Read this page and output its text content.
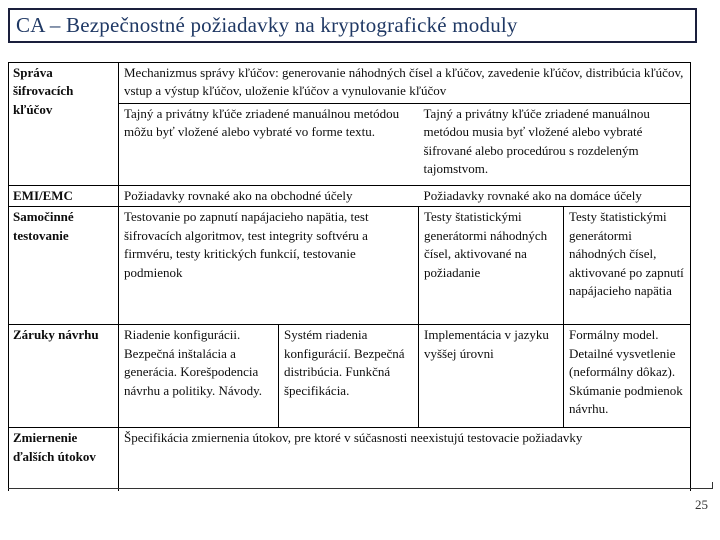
CA – Bezpečnostné požiadavky na kryptografické moduly
Správa šifrovacích kľúčov	Mechanizmus správy kľúčov: generovanie náhodných čísel a kľúčov, zavedenie kľúčov, distribúcia kľúčov, vstup a výstup kľúčov, uloženie kľúčov a vynulovanie kľúčov			
	Tajný a privátny kľúče zriadené manuálnou metódou môžu byť vložené alebo vybraté vo forme textu.		Tajný a privátny kľúče zriadené manuálnou metódou musia byť vložené alebo vybraté šifrované alebo procedúrou s rozdeleným tajomstvom.	
EMI/EMC	Požiadavky rovnaké ako na obchodné účely		Požiadavky rovnaké ako na domáce účely	
Samočinné testovanie	Testovanie po zapnutí napájacieho napätia, test šifrovacích algoritmov, test integrity softvéru a firmvéru, testy kritických funkcií, testovanie podmienok		Testy štatistickými generátormi náhodných čísel, aktivované na požiadanie	Testy štatistickými generátormi náhodných čísel, aktivované po zapnutí napájacieho napätia
Záruky návrhu	Riadenie konfigurácii. Bezpečná inštalácia a generácia. Korešpodencia návrhu a politiky. Návody.	Systém riadenia konfigurácií. Bezpečná distribúcia. Funkčná špecifikácia.	Implementácia v jazyku vyššej úrovni	Formálny model. Detailné vysvetlenie (neformálny dôkaz). Skúmanie podmienok návrhu.
Zmiernenie ďalších útokov	Špecifikácia zmiernenia útokov, pre ktoré v súčasnosti neexistujú testovacie požiadavky			
25
